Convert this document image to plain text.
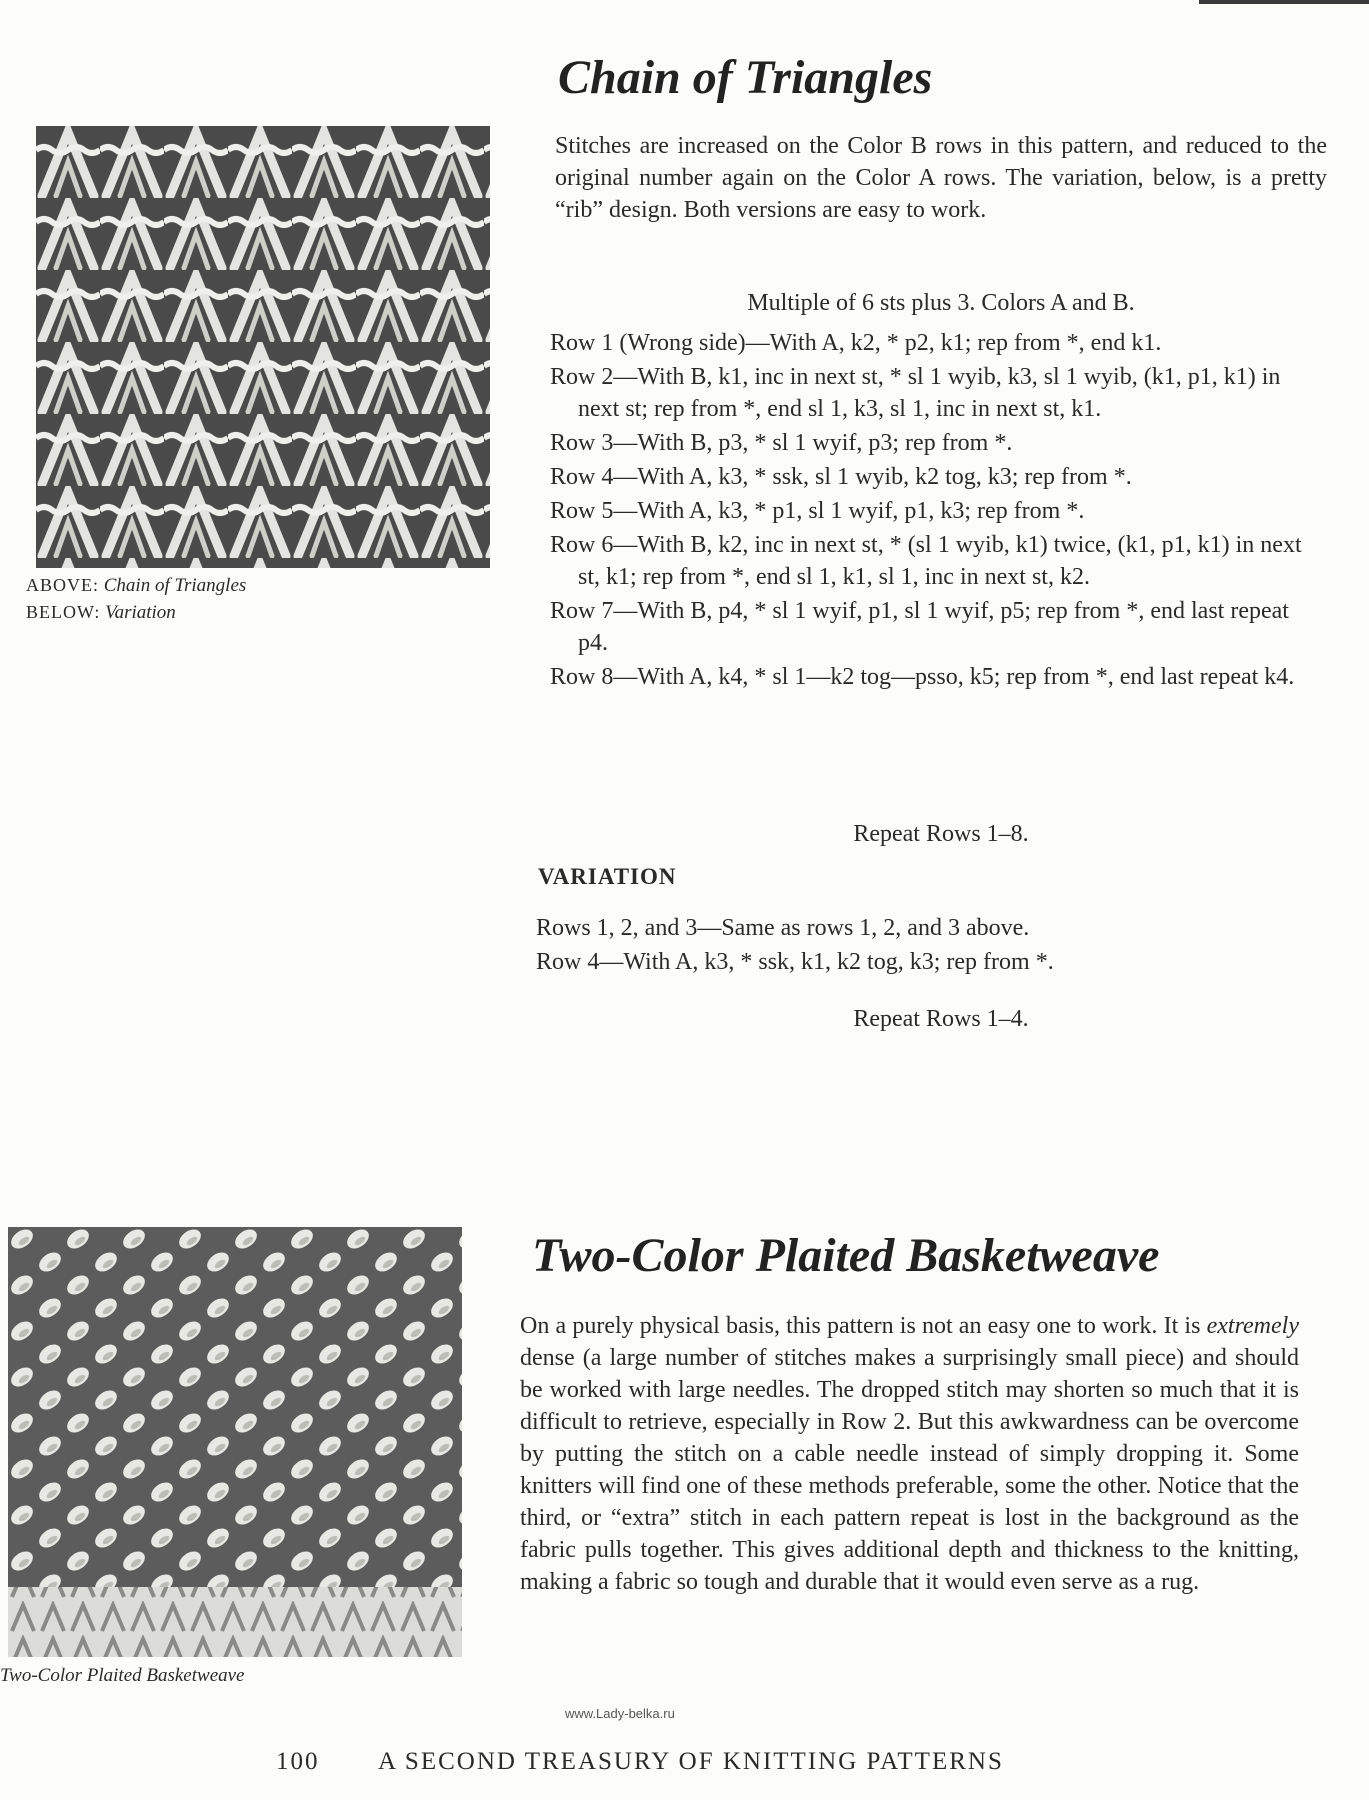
ABOVE: Chain of Triangles
BELOW: Variation
Chain of Triangles

Stitches are increased on the Color B rows in this pattern, and reduced to the original number again on the Color A rows. The variation, below, is a pretty “rib” design. Both versions are easy to work.

Multiple of 6 sts plus 3. Colors A and B.

Row 1 (Wrong side)—With A, k2, * p2, k1; rep from *, end k1.

Row 2—With B, k1, inc in next st, * sl 1 wyib, k3, sl 1 wyib, (k1, p1, k1) in next st; rep from *, end sl 1, k3, sl 1, inc in next st, k1.

Row 3—With B, p3, * sl 1 wyif, p3; rep from *.

Row 4—With A, k3, * ssk, sl 1 wyib, k2 tog, k3; rep from *.

Row 5—With A, k3, * p1, sl 1 wyif, p1, k3; rep from *.

Row 6—With B, k2, inc in next st, * (sl 1 wyib, k1) twice, (k1, p1, k1) in next st, k1; rep from *, end sl 1, k1, sl 1, inc in next st, k2.

Row 7—With B, p4, * sl 1 wyif, p1, sl 1 wyif, p5; rep from *, end last repeat p4.

Row 8—With A, k4, * sl 1—k2 tog—psso, k5; rep from *, end last repeat k4.

Repeat Rows 1–8.
VARIATION

Rows 1, 2, and 3—Same as rows 1, 2, and 3 above.

Row 4—With A, k3, * ssk, k1, k2 tog, k3; rep from *.

Repeat Rows 1–4.
Two-Color Plaited Basketweave
Two-Color Plaited Basketweave

On a purely physical basis, this pattern is not an easy one to work. It is extremely dense (a large number of stitches makes a surprisingly small piece) and should be worked with large needles. The dropped stitch may shorten so much that it is difficult to retrieve, especially in Row 2. But this awkwardness can be overcome by putting the stitch on a cable needle instead of simply dropping it. Some knitters will find one of these methods preferable, some the other. Notice that the third, or “extra” stitch in each pattern repeat is lost in the background as the fabric pulls together. This gives additional depth and thickness to the knitting, making a fabric so tough and durable that it would even serve as a rug.

www.Lady-belka.ru
100 A SECOND TREASURY OF KNITTING PATTERNS
